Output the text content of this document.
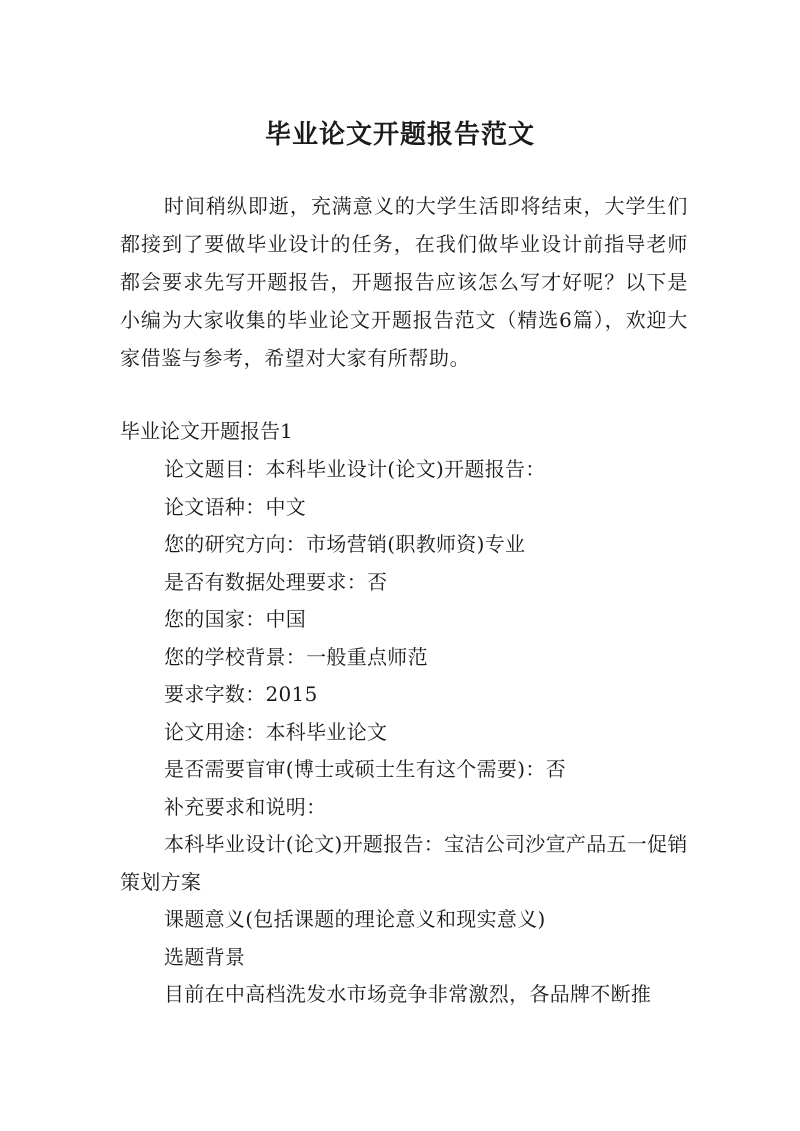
毕业论文开题报告范文

时间稍纵即逝，充满意义的大学生活即将结束，大学生们都接到了要做毕业设计的任务，在我们做毕业设计前指导老师都会要求先写开题报告，开题报告应该怎么写才好呢？以下是小编为大家收集的毕业论文开题报告范文（精选6篇），欢迎大家借鉴与参考，希望对大家有所帮助。

毕业论文开题报告1

论文题目：本科毕业设计(论文)开题报告：
论文语种：中文
您的研究方向：市场营销(职教师资)专业
是否有数据处理要求：否
您的国家：中国
您的学校背景：一般重点师范
要求字数：2015
论文用途：本科毕业论文
是否需要盲审(博士或硕士生有这个需要)：否
补充要求和说明：
本科毕业设计(论文)开题报告：宝洁公司沙宣产品五一促销策划方案
课题意义(包括课题的理论意义和现实意义)
选题背景
目前在中高档洗发水市场竞争非常激烈，各品牌不断推
